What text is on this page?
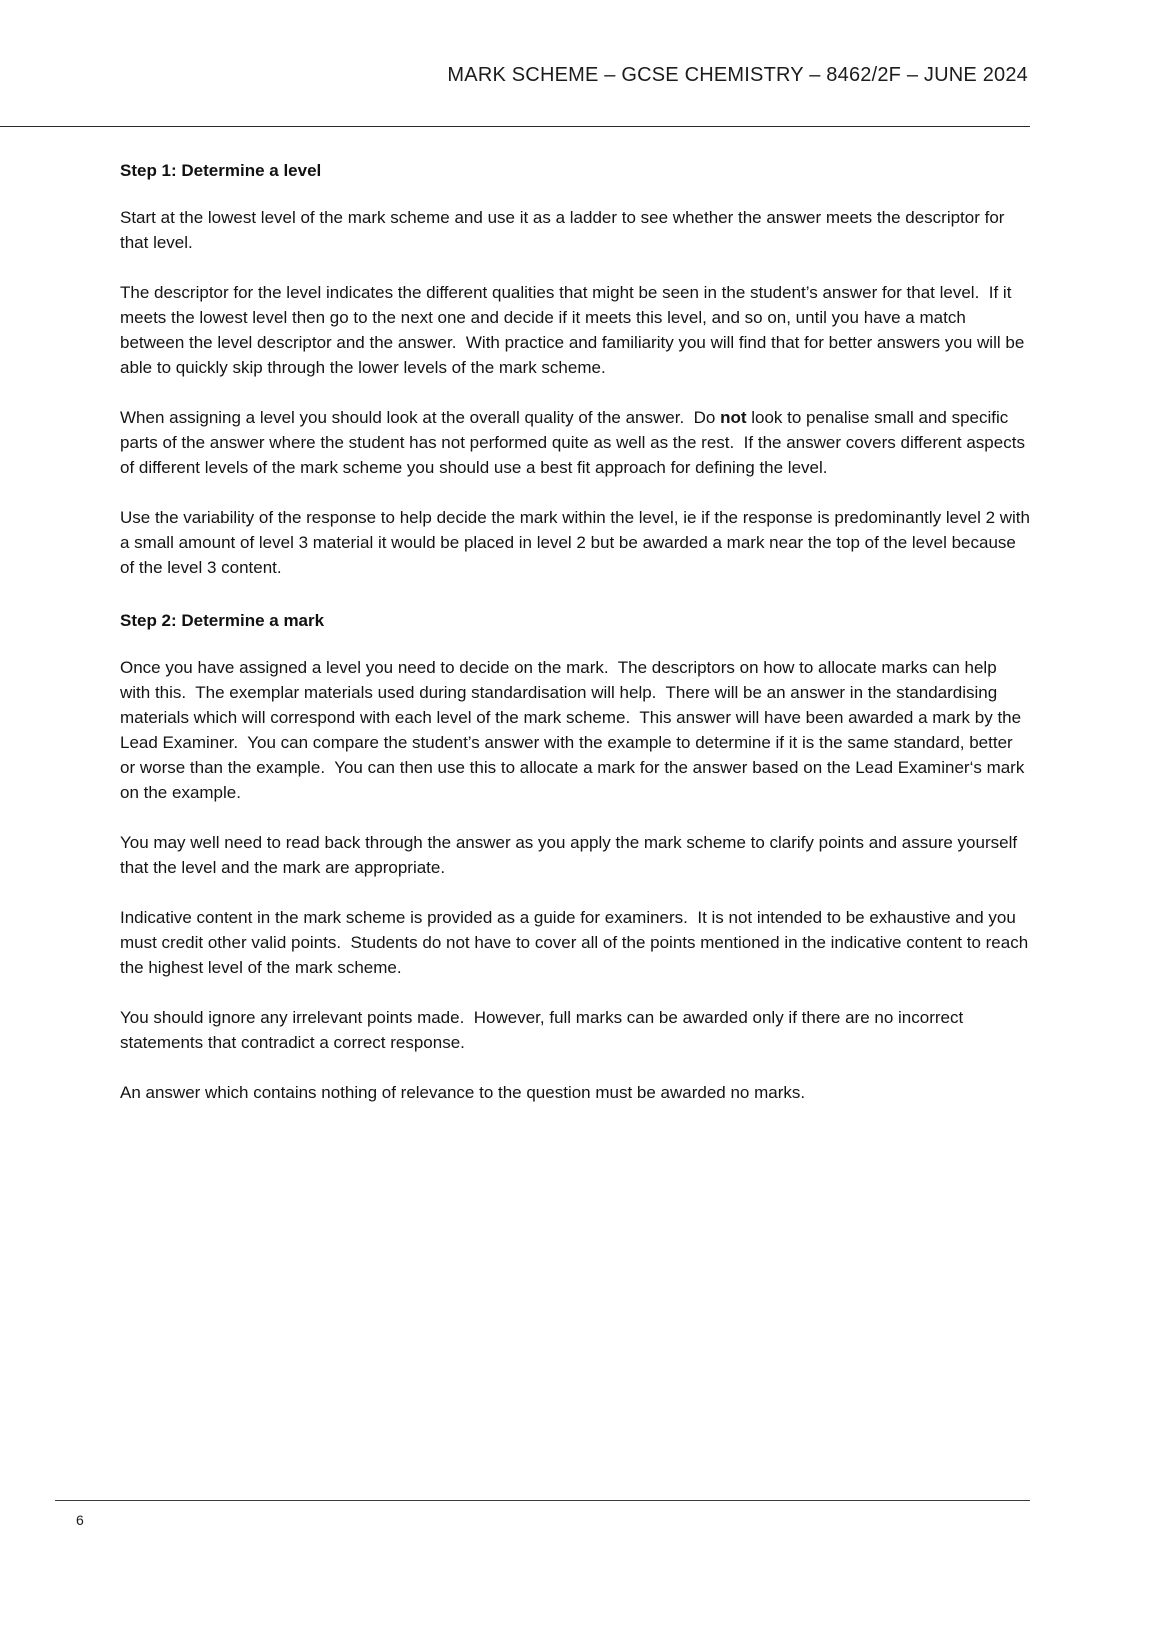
MARK SCHEME – GCSE CHEMISTRY – 8462/2F – JUNE 2024
Step 1: Determine a level

Start at the lowest level of the mark scheme and use it as a ladder to see whether the answer meets the descriptor for that level.

The descriptor for the level indicates the different qualities that might be seen in the student’s answer for that level.  If it meets the lowest level then go to the next one and decide if it meets this level, and so on, until you have a match between the level descriptor and the answer.  With practice and familiarity you will find that for better answers you will be able to quickly skip through the lower levels of the mark scheme.

When assigning a level you should look at the overall quality of the answer.  Do not look to penalise small and specific parts of the answer where the student has not performed quite as well as the rest.  If the answer covers different aspects of different levels of the mark scheme you should use a best fit approach for defining the level.

Use the variability of the response to help decide the mark within the level, ie if the response is predominantly level 2 with a small amount of level 3 material it would be placed in level 2 but be awarded a mark near the top of the level because of the level 3 content.

Step 2: Determine a mark

Once you have assigned a level you need to decide on the mark.  The descriptors on how to allocate marks can help with this.  The exemplar materials used during standardisation will help.  There will be an answer in the standardising materials which will correspond with each level of the mark scheme.  This answer will have been awarded a mark by the Lead Examiner.  You can compare the student’s answer with the example to determine if it is the same standard, better or worse than the example.  You can then use this to allocate a mark for the answer based on the Lead Examiner‘s mark on the example.

You may well need to read back through the answer as you apply the mark scheme to clarify points and assure yourself that the level and the mark are appropriate.

Indicative content in the mark scheme is provided as a guide for examiners.  It is not intended to be exhaustive and you must credit other valid points.  Students do not have to cover all of the points mentioned in the indicative content to reach the highest level of the mark scheme.

You should ignore any irrelevant points made.  However, full marks can be awarded only if there are no incorrect statements that contradict a correct response.

An answer which contains nothing of relevance to the question must be awarded no marks.

6
